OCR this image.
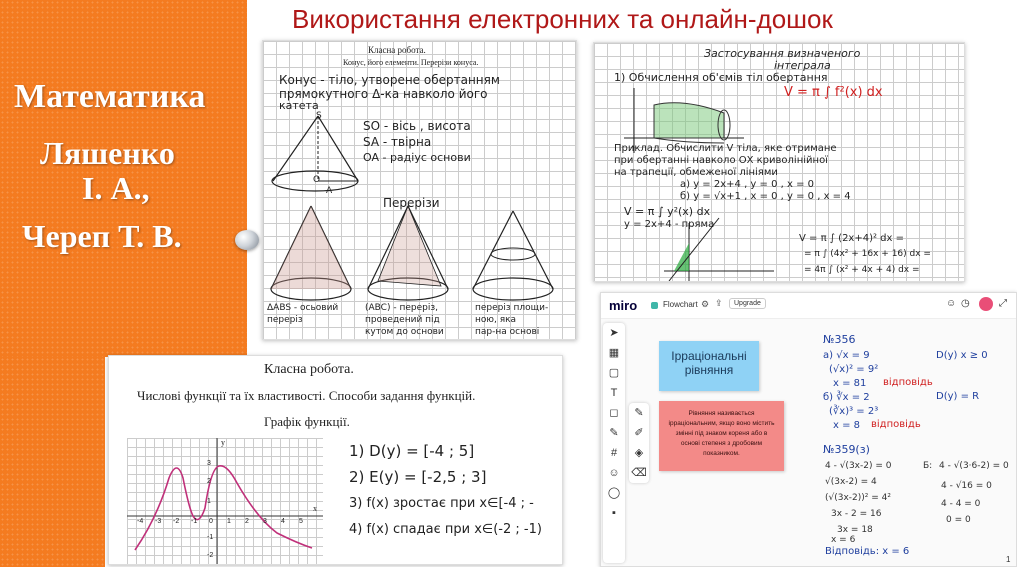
Математика
Ляшенко
І. А.,
Череп Т. В.
Використання електронних та онлайн-дошок
Класна робота.
Конус, його елементи. Перерізи конуса.
Конус - тіло, утворене обертанням
прямокутного Δ-ка навколо його
катета
SO - вісь , висота
SA - твірна
OA - радіус основи
Перерізи
S
O
A
ΔABS - осьовий
переріз
(ABC) - переріз,
проведений під
кутом до основи
переріз площи-
ною, яка
пар-на основі
Застосування визначеного
інтеграла
1) Обчислення об'ємів тіл обертання
V = π ∫ f²(x) dx
Приклад. Обчислити V тіла, яке отримане
при обертанні навколо ОХ криволінійної
на трапеції, обмеженої лініями
a) y = 2x+4 , y = 0 , x = 0
б) y = √x+1 , x = 0 , y = 0 , x = 4
V = π ∫ y²(x) dx
y = 2x+4 - пряма
V = π ∫ (2x+4)² dx =
= π ∫ (4x² + 16x + 16) dx =
= 4π ∫ (x² + 4x + 4) dx =
Класна робота.
Числові функції та їх властивості. Способи задання функцій.
Графік функції.
-4 -3 -2 -1 0 1 2 3 4 5
3
2
1
-1
-2
x
y	1) D(y) = [-4 ; 5]
2) E(y) = [-2,5 ; 3]
3) f(x) зростає при x∈[-4 ; -
4) f(x) спадає при x∈(-2 ; -1)
miro	Flowchart ⚙ ⇪	Upgrade	☺ ◷	⤢
➤
▦
▢
T
◻
✎
#
☺
◯
▪
✎
✐
◈
⌫
Ірраціональні
рівняння
Рівняння називається ірраціональним, якщо воно містить змінні під знаком кореня або в основі степеня з дробовим показником.
№356
a) √x = 9
(√x)² = 9²
x = 81 відповідь
D(y) x ≥ 0
б) ∛x = 2
(∛x)³ = 2³
x = 8 відповідь
D(y) = R
№359(з)
4 - √(3x-2) = 0
√(3x-2) = 4
(√(3x-2))² = 4²
3x - 2 = 16
3x = 18
x = 6
Відповідь: x = 6
Б: 4 - √(3·6-2) = 0
4 - √16 = 0
4 - 4 = 0
0 = 0
1
